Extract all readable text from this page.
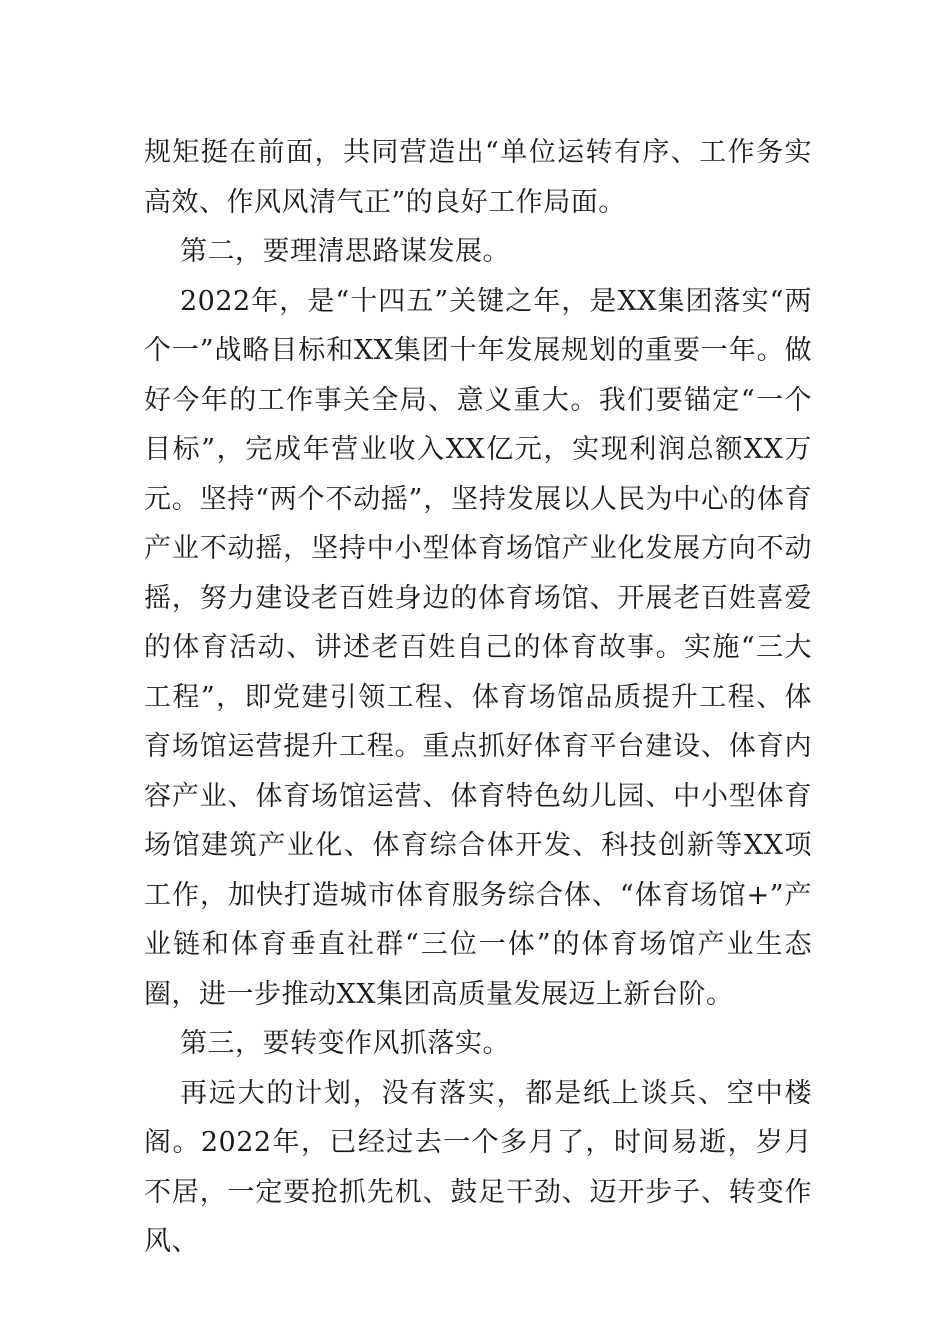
规矩挺在前面，共同营造出“单位运转有序、工作务实高效、作风风清气正”的良好工作局面。

第二，要理清思路谋发展。

2022年，是“十四五”关键之年，是XX集团落实“两个一”战略目标和XX集团十年发展规划的重要一年。做好今年的工作事关全局、意义重大。我们要锚定“一个目标”，完成年营业收入XX亿元，实现利润总额XX万元。坚持“两个不动摇”，坚持发展以人民为中心的体育产业不动摇，坚持中小型体育场馆产业化发展方向不动摇，努力建设老百姓身边的体育场馆、开展老百姓喜爱的体育活动、讲述老百姓自己的体育故事。实施“三大工程”，即党建引领工程、体育场馆品质提升工程、体育场馆运营提升工程。重点抓好体育平台建设、体育内容产业、体育场馆运营、体育特色幼儿园、中小型体育场馆建筑产业化、体育综合体开发、科技创新等XX项工作，加快打造城市体育服务综合体、“体育场馆+”产业链和体育垂直社群“三位一体”的体育场馆产业生态圈，进一步推动XX集团高质量发展迈上新台阶。

第三，要转变作风抓落实。

再远大的计划，没有落实，都是纸上谈兵、空中楼阁。2022年，已经过去一个多月了，时间易逝，岁月不居，一定要抢抓先机、鼓足干劲、迈开步子、转变作风、
